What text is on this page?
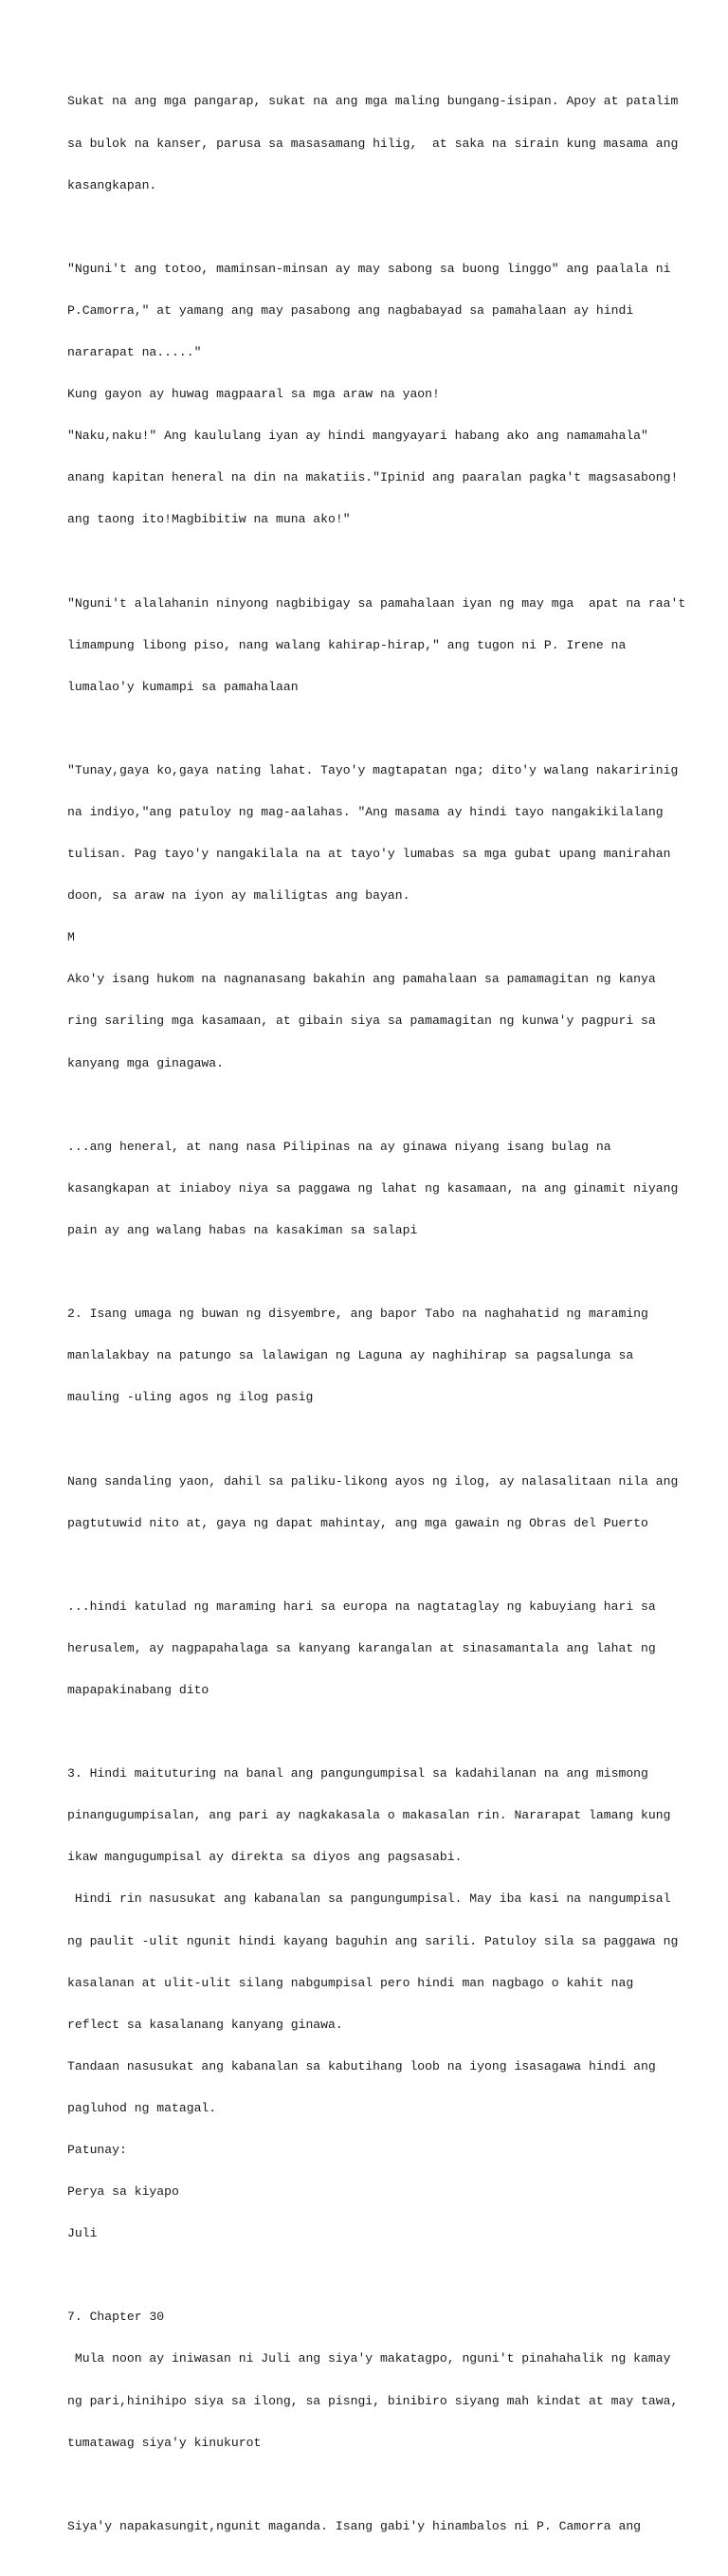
Sukat na ang mga pangarap, sukat na ang mga maling bungang-isipan. Apoy at patalim

sa bulok na kanser, parusa sa masasamang hilig,  at saka na sirain kung masama ang

kasangkapan.

"Nguni't ang totoo, maminsan-minsan ay may sabong sa buong linggo" ang paalala ni

P.Camorra," at yamang ang may pasabong ang nagbabayad sa pamahalaan ay hindi

nararapat na....."

Kung gayon ay huwag magpaaral sa mga araw na yaon!

"Naku,naku!" Ang kaululang iyan ay hindi mangyayari habang ako ang namamahala"

anang kapitan heneral na din na makatiis."Ipinid ang paaralan pagka't magsasabong!

ang taong ito!Magbibitiw na muna ako!"

"Nguni't alalahanin ninyong nagbibigay sa pamahalaan iyan ng may mga  apat na raa't

limampung libong piso, nang walang kahirap-hirap," ang tugon ni P. Irene na

lumalao'y kumampi sa pamahalaan

"Tunay,gaya ko,gaya nating lahat. Tayo'y magtapatan nga; dito'y walang nakaririnig

na indiyo,"ang patuloy ng mag-aalahas. "Ang masama ay hindi tayo nangakikilalang

tulisan. Pag tayo'y nangakilala na at tayo'y lumabas sa mga gubat upang manirahan

doon, sa araw na iyon ay maliligtas ang bayan.

M

Ako'y isang hukom na nagnanasang bakahin ang pamahalaan sa pamamagitan ng kanya

ring sariling mga kasamaan, at gibain siya sa pamamagitan ng kunwa'y pagpuri sa

kanyang mga ginagawa.

...ang heneral, at nang nasa Pilipinas na ay ginawa niyang isang bulag na

kasangkapan at iniaboy niya sa paggawa ng lahat ng kasamaan, na ang ginamit niyang

pain ay ang walang habas na kasakiman sa salapi

2. Isang umaga ng buwan ng disyembre, ang bapor Tabo na naghahatid ng maraming

manlalakbay na patungo sa lalawigan ng Laguna ay naghihirap sa pagsalunga sa

mauling -uling agos ng ilog pasig

Nang sandaling yaon, dahil sa paliku-likong ayos ng ilog, ay nalasalitaan nila ang

pagtutuwid nito at, gaya ng dapat mahintay, ang mga gawain ng Obras del Puerto

...hindi katulad ng maraming hari sa europa na nagtataglay ng kabuyiang hari sa

herusalem, ay nagpapahalaga sa kanyang karangalan at sinasamantala ang lahat ng

mapapakinabang dito

3. Hindi maituturing na banal ang pangungumpisal sa kadahilanan na ang mismong

pinangugumpisalan, ang pari ay nagkakasala o makasalan rin. Nararapat lamang kung

ikaw mangugumpisal ay direkta sa diyos ang pagsasabi.

Hindi rin nasusukat ang kabanalan sa pangungumpisal. May iba kasi na nangumpisal

ng paulit -ulit ngunit hindi kayang baguhin ang sarili. Patuloy sila sa paggawa ng

kasalanan at ulit-ulit silang nabgumpisal pero hindi man nagbago o kahit nag

reflect sa kasalanang kanyang ginawa.

Tandaan nasusukat ang kabanalan sa kabutihang loob na iyong isasagawa hindi ang

pagluhod ng matagal.

Patunay:

Perya sa kiyapo

Juli

7. Chapter 30

Mula noon ay iniwasan ni Juli ang siya'y makatagpo, nguni't pinahahalik ng kamay

ng pari,hinihipo siya sa ilong, sa pisngi, binibiro siyang mah kindat at may tawa,

tumatawag siya'y kinukurot

Siya'y napakasungit,ngunit maganda. Isang gabi'y hinambalos ni P. Camorra ang
